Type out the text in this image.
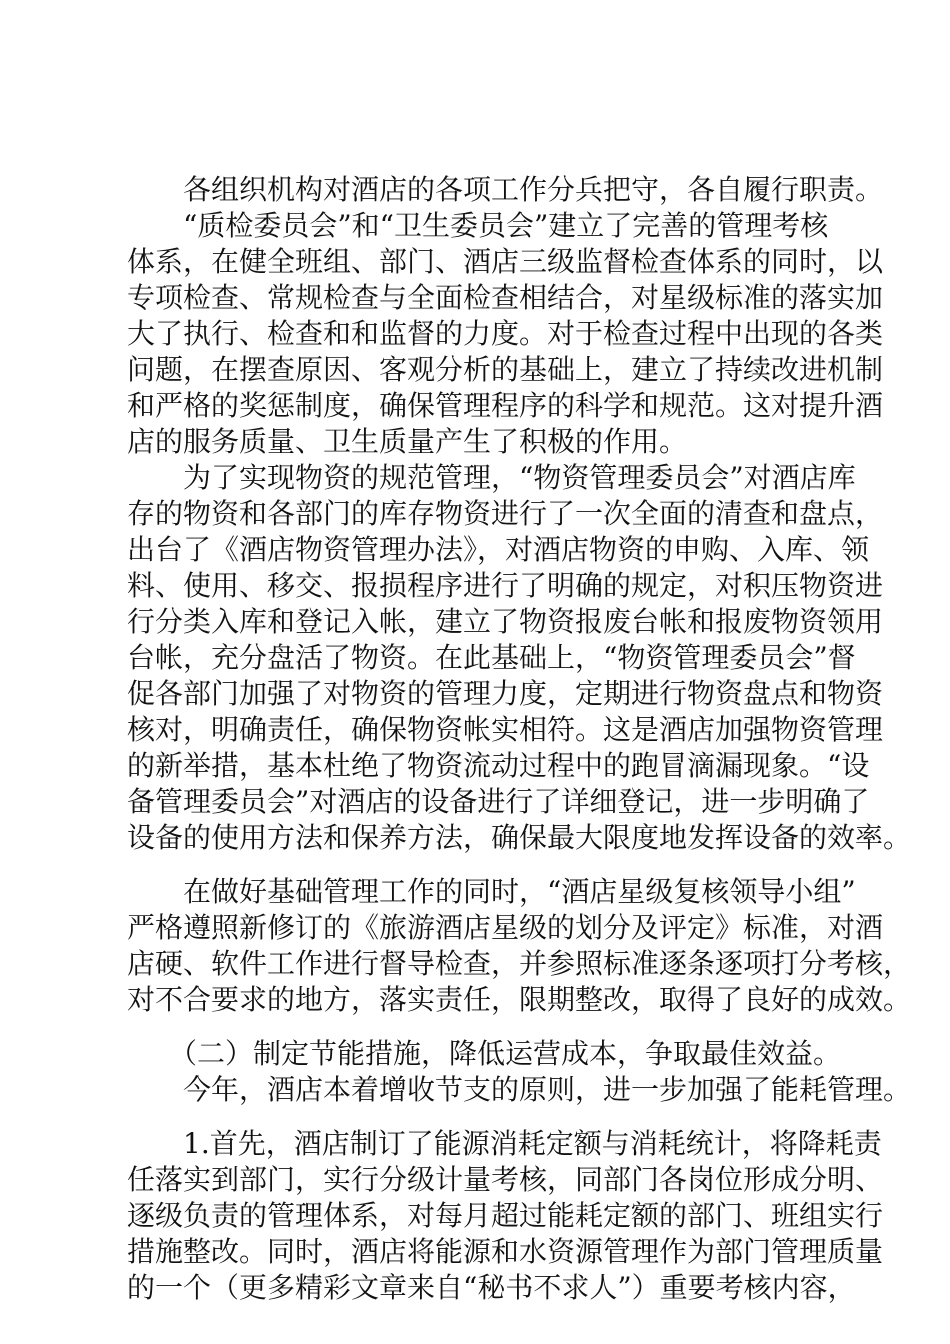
　　各组织机构对酒店的各项工作分兵把守，各自履行职责。

　　“质检委员会”和“卫生委员会”建立了完善的管理考核

体系，在健全班组、部门、酒店三级监督检查体系的同时，以

专项检查、常规检查与全面检查相结合，对星级标准的落实加

大了执行、检查和和监督的力度。对于检查过程中出现的各类

问题，在摆查原因、客观分析的基础上，建立了持续改进机制

和严格的奖惩制度，确保管理程序的科学和规范。这对提升酒

店的服务质量、卫生质量产生了积极的作用。

　　为了实现物资的规范管理，“物资管理委员会”对酒店库

存的物资和各部门的库存物资进行了一次全面的清查和盘点，

出台了《酒店物资管理办法》，对酒店物资的申购、入库、领

料、使用、移交、报损程序进行了明确的规定，对积压物资进

行分类入库和登记入帐，建立了物资报废台帐和报废物资领用

台帐，充分盘活了物资。在此基础上，“物资管理委员会”督

促各部门加强了对物资的管理力度，定期进行物资盘点和物资

核对，明确责任，确保物资帐实相符。这是酒店加强物资管理

的新举措，基本杜绝了物资流动过程中的跑冒滴漏现象。“设

备管理委员会”对酒店的设备进行了详细登记，进一步明确了

设备的使用方法和保养方法，确保最大限度地发挥设备的效率。

　　在做好基础管理工作的同时，“酒店星级复核领导小组”

严格遵照新修订的《旅游酒店星级的划分及评定》标准，对酒

店硬、软件工作进行督导检查，并参照标准逐条逐项打分考核，

对不合要求的地方，落实责任，限期整改，取得了良好的成效。

　　（二）制定节能措施，降低运营成本，争取最佳效益。

　　今年，酒店本着增收节支的原则，进一步加强了能耗管理。

　　1.首先，酒店制订了能源消耗定额与消耗统计，将降耗责

任落实到部门，实行分级计量考核，同部门各岗位形成分明、

逐级负责的管理体系，对每月超过能耗定额的部门、班组实行

措施整改。同时，酒店将能源和水资源管理作为部门管理质量

的一个（更多精彩文章来自“秘书不求人”）重要考核内容，
